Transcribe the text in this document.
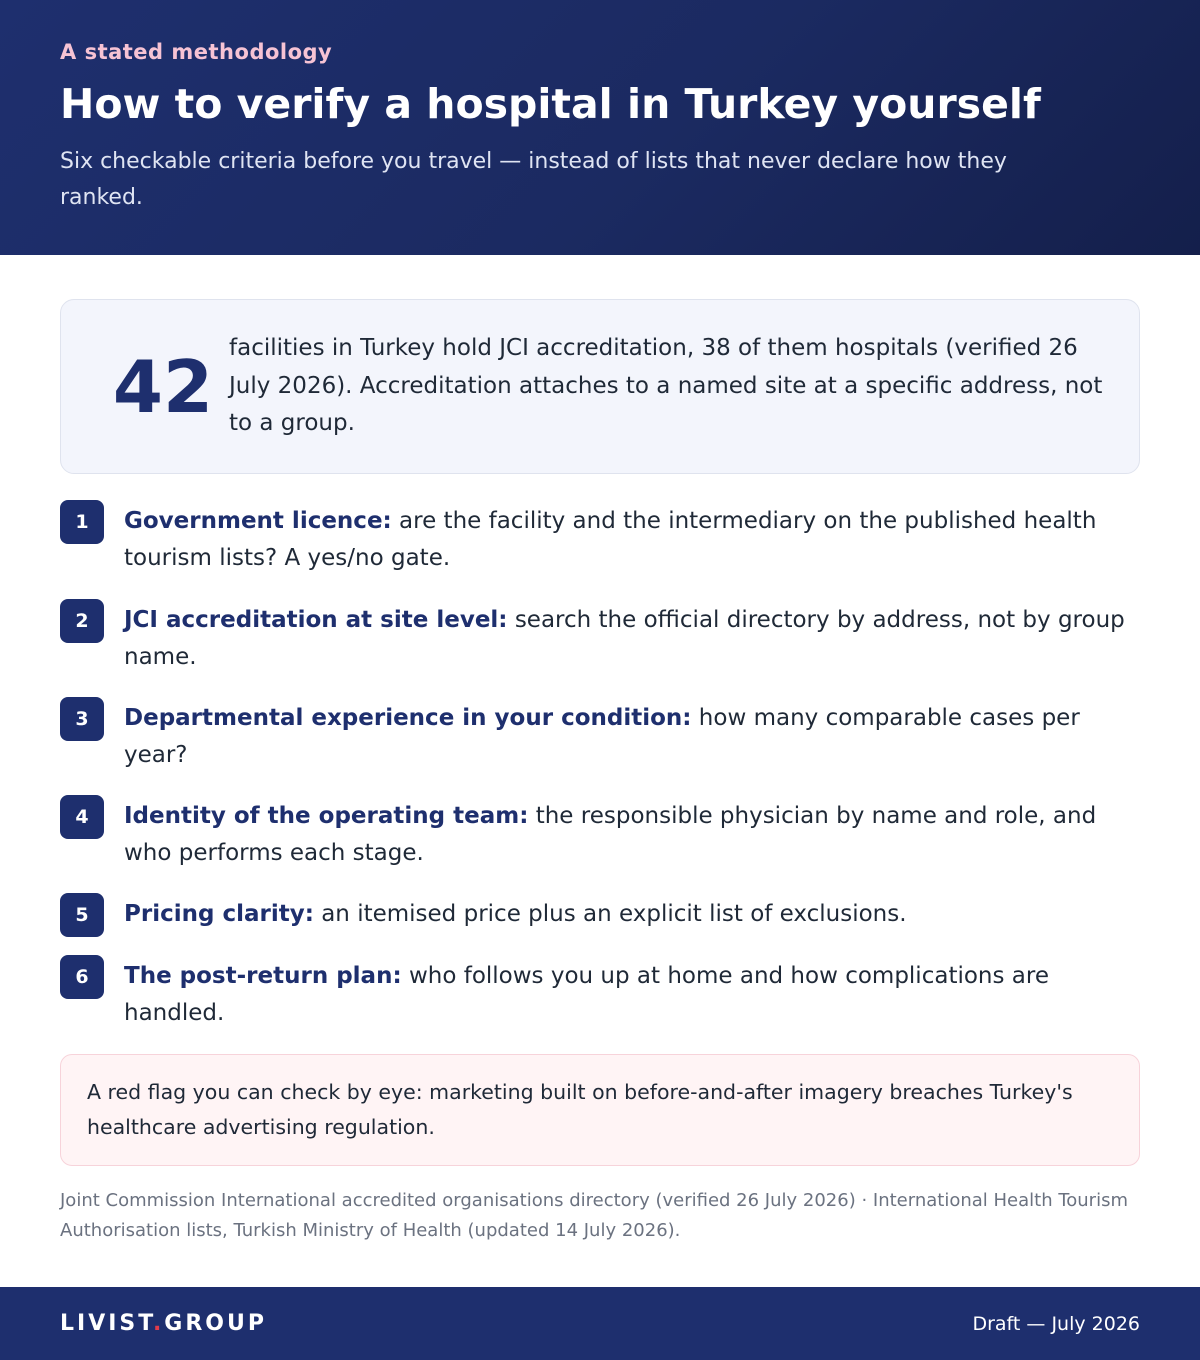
A stated methodology
How to verify a hospital in Turkey yourself

Six checkable criteria before you travel — instead of lists that never declare how they ranked.

42 facilities in Turkey hold JCI accreditation, 38 of them hospitals (verified 26 July 2026). Accreditation attaches to a named site at a specific address, not to a group.
1	Government licence: are the facility and the intermediary on the published health tourism lists? A yes/no gate.
2	JCI accreditation at site level: search the official directory by address, not by group name.
3	Departmental experience in your condition: how many comparable cases per year?
4	Identity of the operating team: the responsible physician by name and role, and who performs each stage.
5	Pricing clarity: an itemised price plus an explicit list of exclusions.
6	The post-return plan: who follows you up at home and how complications are handled.
A red flag you can check by eye: marketing built on before-and-after imagery breaches Turkey's healthcare advertising regulation.

Joint Commission International accredited organisations directory (verified 26 July 2026) · International Health Tourism Authorisation lists, Turkish Ministry of Health (updated 14 July 2026).

LIVIST.GROUP	Draft — July 2026
